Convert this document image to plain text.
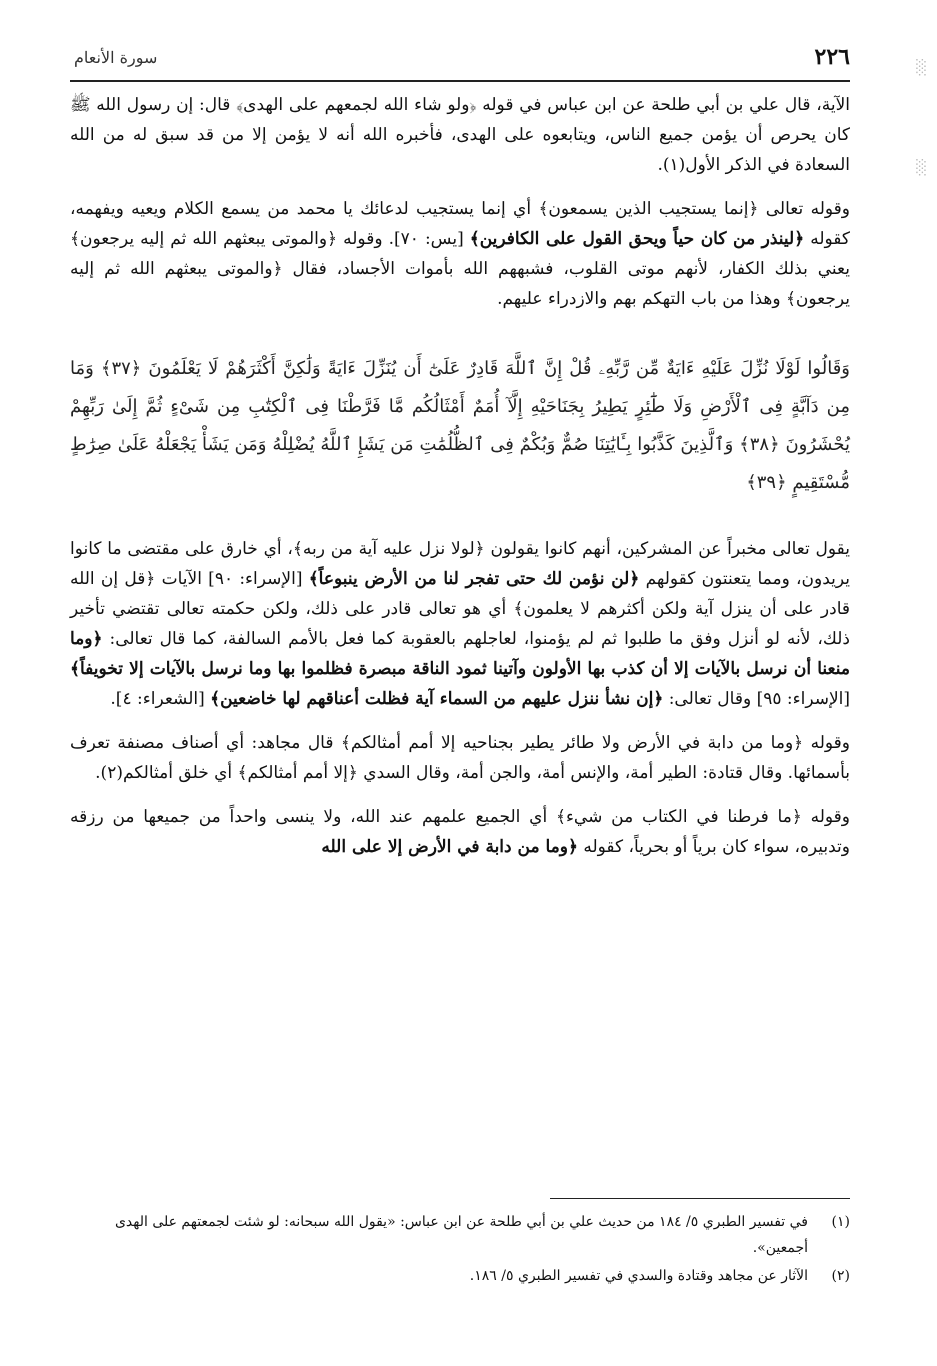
░
░
٢٢٦
سورة الأنعام

الآية، قال علي بن أبي طلحة عن ابن عباس في قوله ﴿ولو شاء الله لجمعهم على الهدى﴾ قال: إن رسول الله ﷺ كان يحرص أن يؤمن جميع الناس، ويتابعوه على الهدى، فأخبره الله أنه لا يؤمن إلا من قد سبق له من الله السعادة في الذكر الأول(١).

وقوله تعالى ﴿إنما يستجيب الذين يسمعون﴾ أي إنما يستجيب لدعائك يا محمد من يسمع الكلام ويعيه ويفهمه، كقوله ﴿لينذر من كان حياً ويحق القول على الكافرين﴾ [يس: ٧٠]. وقوله ﴿والموتى يبعثهم الله ثم إليه يرجعون﴾ يعني بذلك الكفار، لأنهم موتى القلوب، فشبههم الله بأموات الأجساد، فقال ﴿والموتى يبعثهم الله ثم إليه يرجعون﴾ وهذا من باب التهكم بهم والازدراء عليهم.

وَقَالُوا لَوْلَا نُزِّلَ عَلَيْهِ ءَايَةٌ مِّن رَّبِّهِۦ قُلْ إِنَّ ٱللَّهَ قَادِرٌ عَلَىٰٓ أَن يُنَزِّلَ ءَايَةً وَلَٰكِنَّ أَكْثَرَهُمْ لَا يَعْلَمُونَ ﴿٣٧﴾ وَمَا مِن دَآبَّةٍ فِى ٱلْأَرْضِ وَلَا طَٰٓئِرٍ يَطِيرُ بِجَنَاحَيْهِ إِلَّآ أُمَمٌ أَمْثَالُكُم مَّا فَرَّطْنَا فِى ٱلْكِتَٰبِ مِن شَىْءٍ ثُمَّ إِلَىٰ رَبِّهِمْ يُحْشَرُونَ ﴿٣٨﴾ وَٱلَّذِينَ كَذَّبُوا بِـَٔايَٰتِنَا صُمٌّ وَبُكْمٌ فِى ٱلظُّلُمَٰتِ مَن يَشَإِ ٱللَّهُ يُضْلِلْهُ وَمَن يَشَأْ يَجْعَلْهُ عَلَىٰ صِرَٰطٍ مُّسْتَقِيمٍ ﴿٣٩﴾

يقول تعالى مخبراً عن المشركين، أنهم كانوا يقولون ﴿لولا نزل عليه آية من ربه﴾، أي خارق على مقتضى ما كانوا يريدون، ومما يتعنتون كقولهم ﴿لن نؤمن لك حتى تفجر لنا من الأرض ينبوعاً﴾ [الإسراء: ٩٠] الآيات ﴿قل إن الله قادر على أن ينزل آية ولكن أكثرهم لا يعلمون﴾ أي هو تعالى قادر على ذلك، ولكن حكمته تعالى تقتضي تأخير ذلك، لأنه لو أنزل وفق ما طلبوا ثم لم يؤمنوا، لعاجلهم بالعقوبة كما فعل بالأمم السالفة، كما قال تعالى: ﴿وما منعنا أن نرسل بالآيات إلا أن كذب بها الأولون وآتينا ثمود الناقة مبصرة فظلموا بها وما نرسل بالآيات إلا تخويفاً﴾ [الإسراء: ٩٥] وقال تعالى: ﴿إن نشأ ننزل عليهم من السماء آية فظلت أعناقهم لها خاضعين﴾ [الشعراء: ٤].

وقوله ﴿وما من دابة في الأرض ولا طائر يطير بجناحيه إلا أمم أمثالكم﴾ قال مجاهد: أي أصناف مصنفة تعرف بأسمائها. وقال قتادة: الطير أمة، والإنس أمة، والجن أمة، وقال السدي ﴿إلا أمم أمثالكم﴾ أي خلق أمثالكم(٢).

وقوله ﴿ما فرطنا في الكتاب من شيء﴾ أي الجميع علمهم عند الله، ولا ينسى واحداً من جميعها من رزقه وتدبيره، سواء كان برياً أو بحرياً، كقوله ﴿وما من دابة في الأرض إلا على الله

(١)
في تفسير الطبري ٥/ ١٨٤ من حديث علي بن أبي طلحة عن ابن عباس: «يقول الله سبحانه: لو شئت لجمعتهم على الهدى أجمعين».
(٢)
الآثار عن مجاهد وقتادة والسدي في تفسير الطبري ٥/ ١٨٦.
